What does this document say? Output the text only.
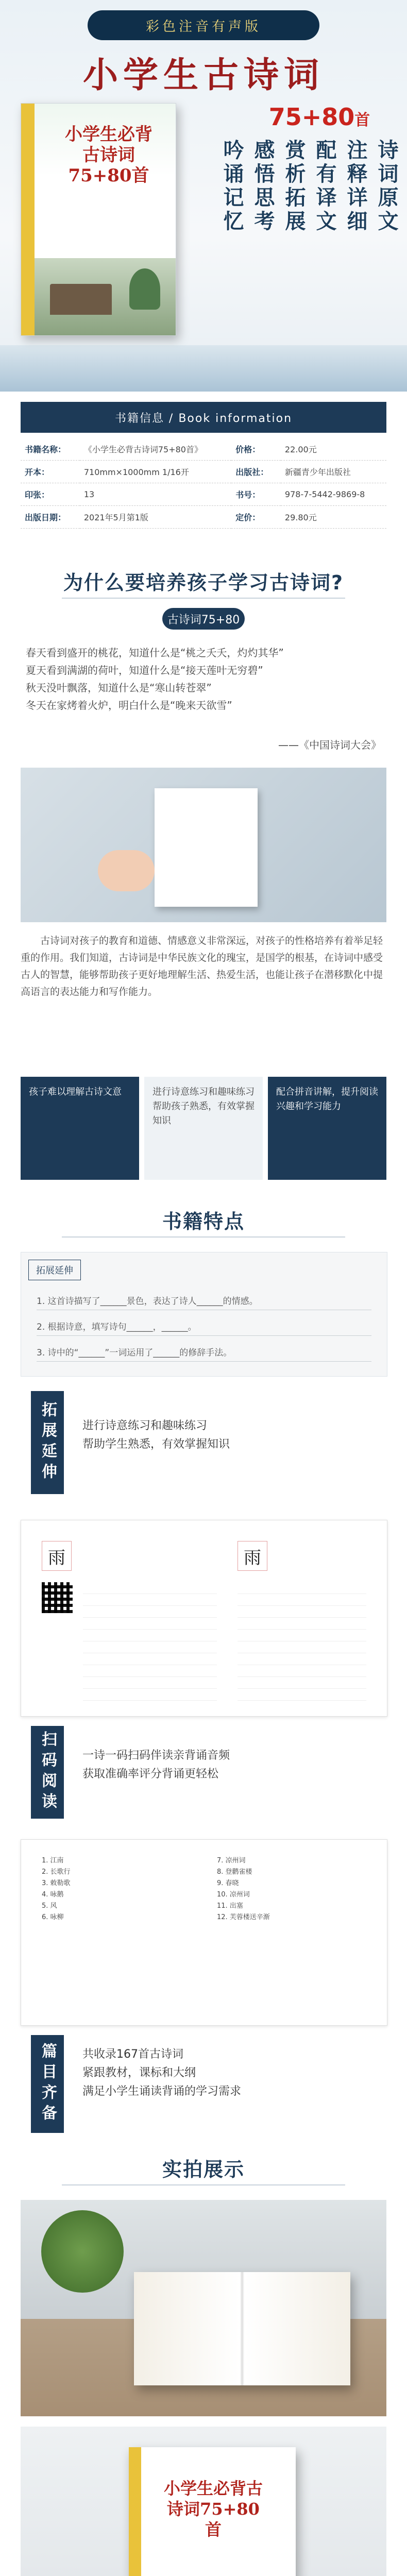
彩色注音有声版
小学生古诗词
小学生必背古诗词75+80首
75+80首
诗词原文
注释详细
配有译文
赏析拓展
感悟思考
吟诵记忆
书籍信息 / Book information
书籍名称：	《小学生必背古诗词75+80首》	价格：	22.00元
开本：	710mm×1000mm 1/16开	出版社：	新疆青少年出版社
印张：	13	书号：	978-7-5442-9869-8
出版日期：	2021年5月第1版	定价：	29.80元
为什么要培养孩子学习古诗词?
古诗词75+80
春天看到盛开的桃花，知道什么是“桃之夭夭，灼灼其华”
夏天看到满湖的荷叶，知道什么是“接天莲叶无穷碧”
秋天没叶飘落，知道什么是“寒山转苍翠”
冬天在家烤着火炉，明白什么是“晚来天欲雪”
——《中国诗词大会》
古诗词对孩子的教育和道德、情感意义非常深远，对孩子的性格培养有着举足轻重的作用。我们知道，古诗词是中华民族文化的瑰宝，是国学的根基，在诗词中感受古人的智慧，能够帮助孩子更好地理解生活、热爱生活，也能让孩子在潜移默化中提高语言的表达能力和写作能力。
孩子难以理解古诗文意	进行诗意练习和趣味练习帮助孩子熟悉，有效掌握知识
配合拼音讲解，提升阅读兴趣和学习能力
书籍特点
拓展延伸
1. 这首诗描写了______景色，表达了诗人______的情感。
2. 根据诗意，填写诗句______，______。
3. 诗中的“______”一词运用了______的修辞手法。
拓展延伸	进行诗意练习和趣味练习
帮助学生熟悉，有效掌握知识
雨	雨
扫码阅读	一诗一码扫码伴读亲背诵音频
获取准确率评分背诵更轻松
1. 江南
2. 长歌行
3. 敕勒歌
4. 咏鹅
5. 风
6. 咏柳
7. 凉州词
8. 登鹳雀楼
9. 春晓
10. 凉州词
11. 出塞
12. 芙蓉楼送辛渐
篇目齐备	共收录167首古诗词
紧跟教材，课标和大纲
满足小学生诵读背诵的学习需求
实拍展示
小学生必背古诗词75+80首
